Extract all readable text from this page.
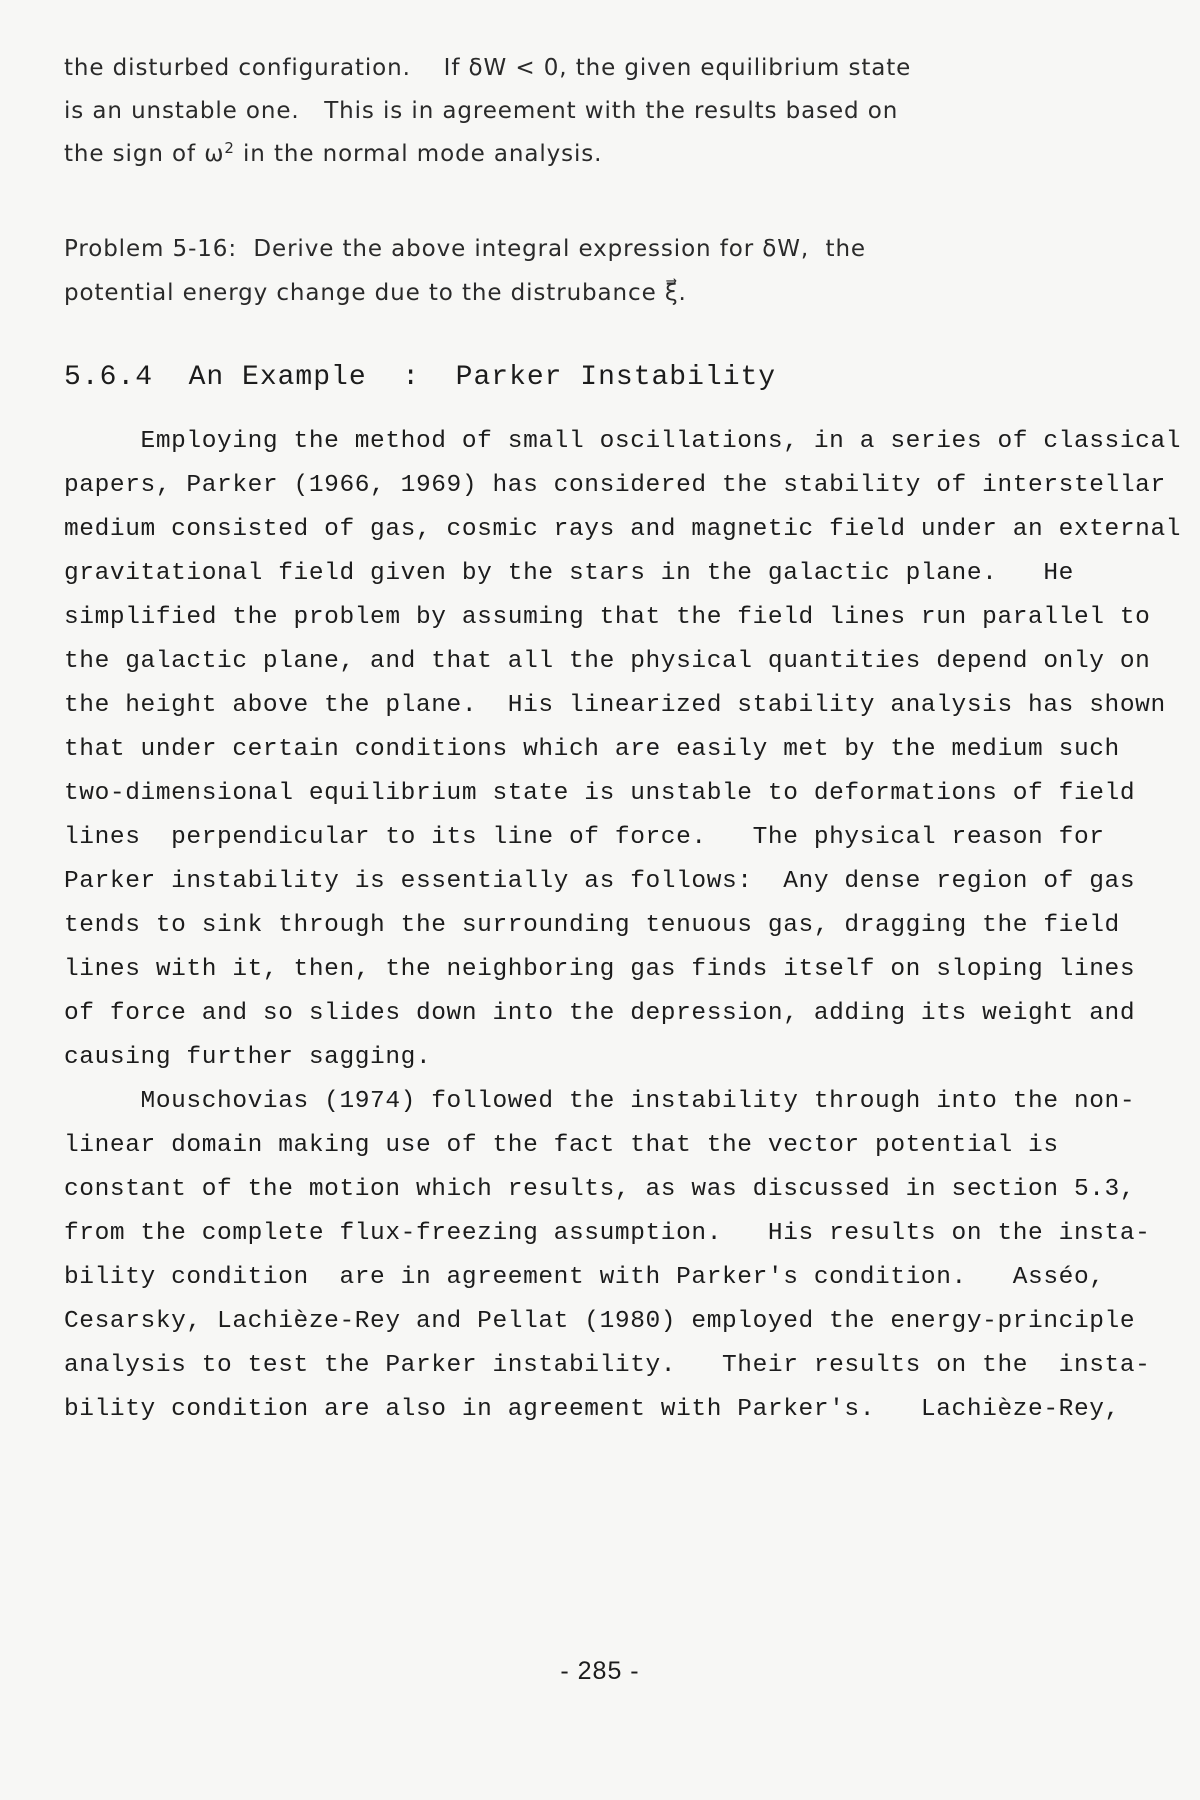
the disturbed configuration.    If δW < 0, the given equilibrium state
is an unstable one.   This is in agreement with the results based on
the sign of $\omega^2$ in the normal mode analysis.
Problem 5-16:  Derive the above integral expression for δW,  the
potential energy change due to the distrubance ξ⃗.
5.6.4  An Example  :  Parker Instability
Employing the method of small oscillations, in a series of classical
papers, Parker (1966, 1969) has considered the stability of interstellar
medium consisted of gas, cosmic rays and magnetic field under an external
gravitational field given by the stars in the galactic plane.   He
simplified the problem by assuming that the field lines run parallel to
the galactic plane, and that all the physical quantities depend only on
the height above the plane.  His linearized stability analysis has shown
that under certain conditions which are easily met by the medium such
two-dimensional equilibrium state is unstable to deformations of field
lines  perpendicular to its line of force.   The physical reason for
Parker instability is essentially as follows:  Any dense region of gas
tends to sink through the surrounding tenuous gas, dragging the field
lines with it, then, the neighboring gas finds itself on sloping lines
of force and so slides down into the depression, adding its weight and
causing further sagging.
Mouschovias (1974) followed the instability through into the non-
linear domain making use of the fact that the vector potential is
constant of the motion which results, as was discussed in section 5.3,
from the complete flux-freezing assumption.   His results on the insta-
bility condition  are in agreement with Parker's condition.   Asséo,
Cesarsky, Lachièze-Rey and Pellat (1980) employed the energy-principle
analysis to test the Parker instability.   Their results on the  insta-
bility condition are also in agreement with Parker's.   Lachièze-Rey,
- 285 -
